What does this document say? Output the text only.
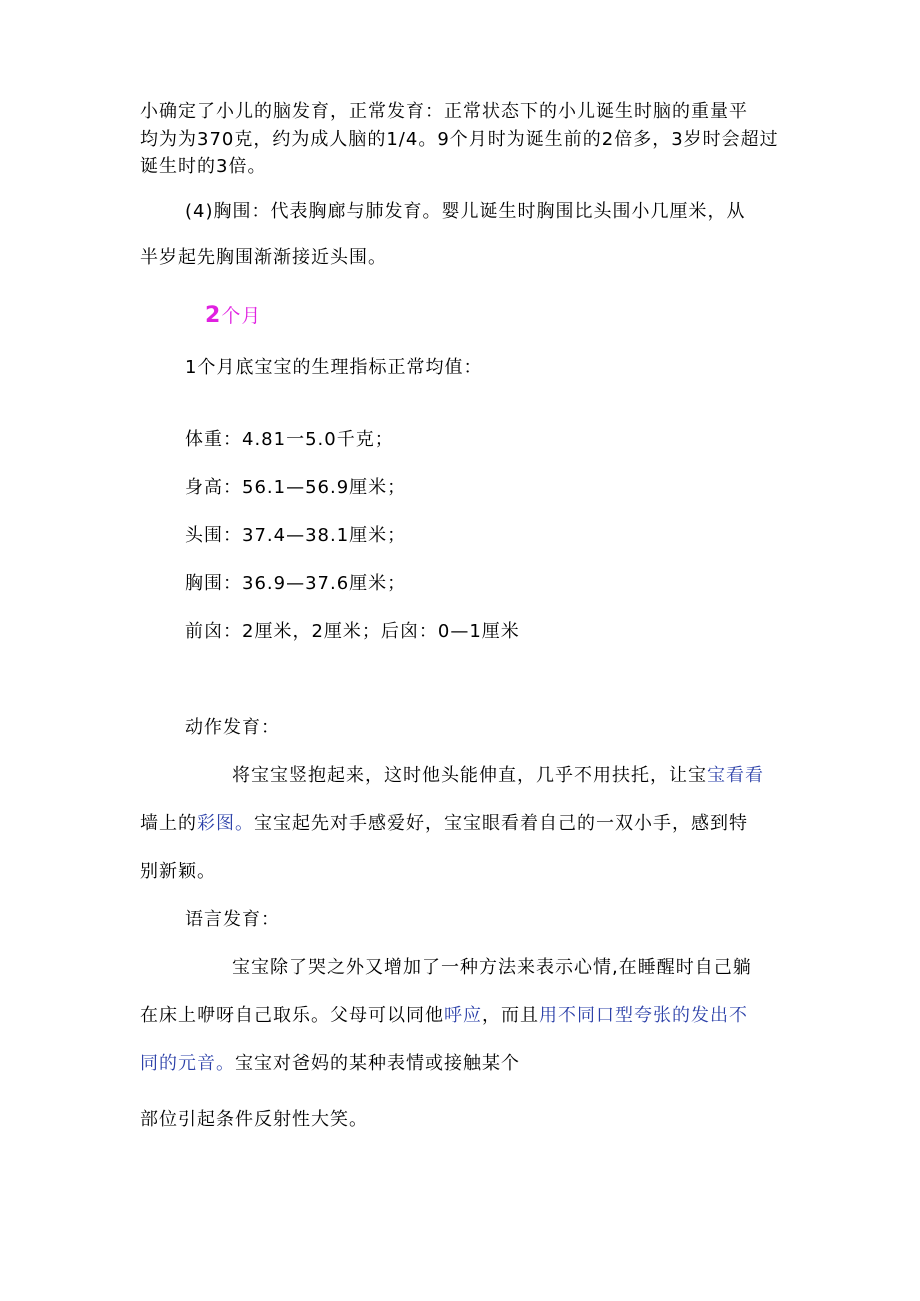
小确定了小儿的脑发育，正常发育：正常状态下的小儿诞生时脑的重量平
均为为370克，约为成人脑的1/4。9个月时为诞生前的2倍多，3岁时会超过
诞生时的3倍。
(4)胸围：代表胸廊与肺发育。婴儿诞生时胸围比头围小几厘米，从
半岁起先胸围渐渐接近头围。
2个月
1个月底宝宝的生理指标正常均值：
体重：4.81一5.0千克；
身高：56.1—56.9厘米；
头围：37.4—38.1厘米；
胸围：36.9—37.6厘米；
前囟：2厘米，2厘米；后囟：0—1厘米
动作发育：
将宝宝竖抱起来，这时他头能伸直，几乎不用扶托，让宝宝看看
墙上的彩图。宝宝起先对手感爱好，宝宝眼看着自己的一双小手，感到特
别新颖。
语言发育：
宝宝除了哭之外又增加了一种方法来表示心情,在睡醒时自己躺
在床上咿呀自己取乐。父母可以同他呼应，而且用不同口型夸张的发出不
同的元音。宝宝对爸妈的某种表情或接触某个
部位引起条件反射性大笑。
